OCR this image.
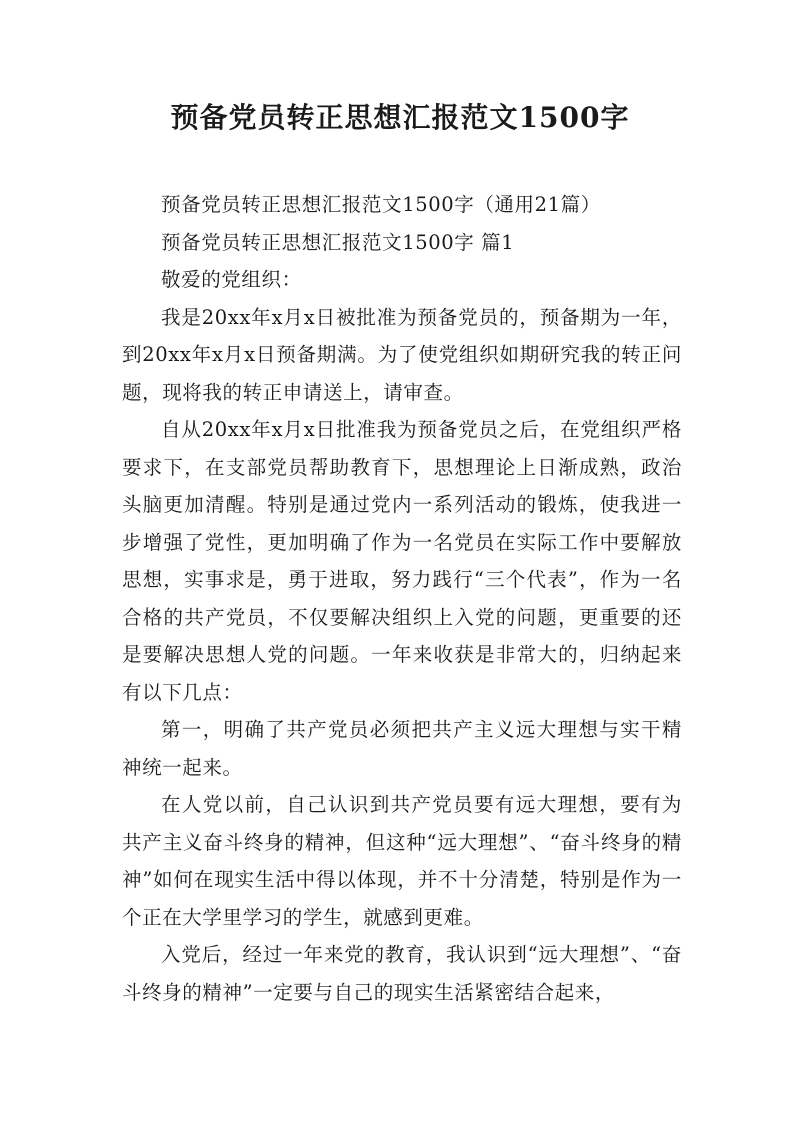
预备党员转正思想汇报范文1500字

预备党员转正思想汇报范文1500字（通用21篇）

预备党员转正思想汇报范文1500字 篇1

敬爱的党组织：

我是20xx年x月x日被批准为预备党员的，预备期为一年，到20xx年x月x日预备期满。为了使党组织如期研究我的转正问题，现将我的转正申请送上，请审查。

自从20xx年x月x日批准我为预备党员之后，在党组织严格要求下，在支部党员帮助教育下，思想理论上日渐成熟，政治头脑更加清醒。特别是通过党内一系列活动的锻炼，使我进一步增强了党性，更加明确了作为一名党员在实际工作中要解放思想，实事求是，勇于进取，努力践行“三个代表”，作为一名合格的共产党员，不仅要解决组织上入党的问题，更重要的还是要解决思想人党的问题。一年来收获是非常大的，归纳起来有以下几点：

第一，明确了共产党员必须把共产主义远大理想与实干精神统一起来。

在人党以前，自己认识到共产党员要有远大理想，要有为共产主义奋斗终身的精神，但这种“远大理想”、“奋斗终身的精神”如何在现实生活中得以体现，并不十分清楚，特别是作为一个正在大学里学习的学生，就感到更难。

入党后，经过一年来党的教育，我认识到“远大理想”、“奋斗终身的精神”一定要与自己的现实生活紧密结合起来，
